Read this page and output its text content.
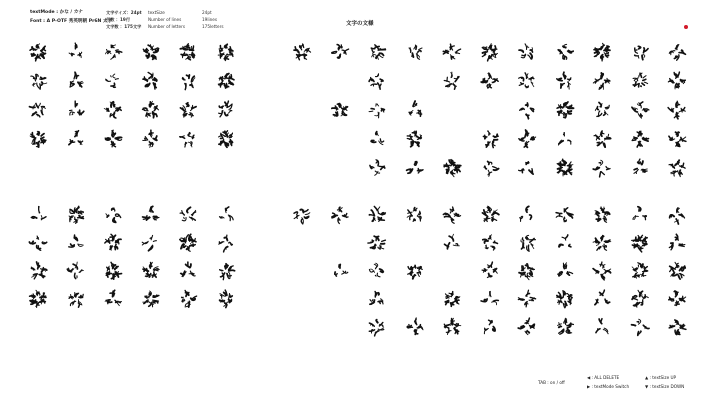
textMode : かな / カナ
Font : A P-OTF 秀英明朝 Pr6N 太字
文字サイズ：24pt
行数 ：19行
文字数 ：175文字
textSize
Number of lines
Number of letters
24pt
19lines
175letters	文字の文様
TAB : on / off
◀ : ALL DELETE
▶ : textMode Switch
▲ : textSize UP
▼ : textSize DOWN
